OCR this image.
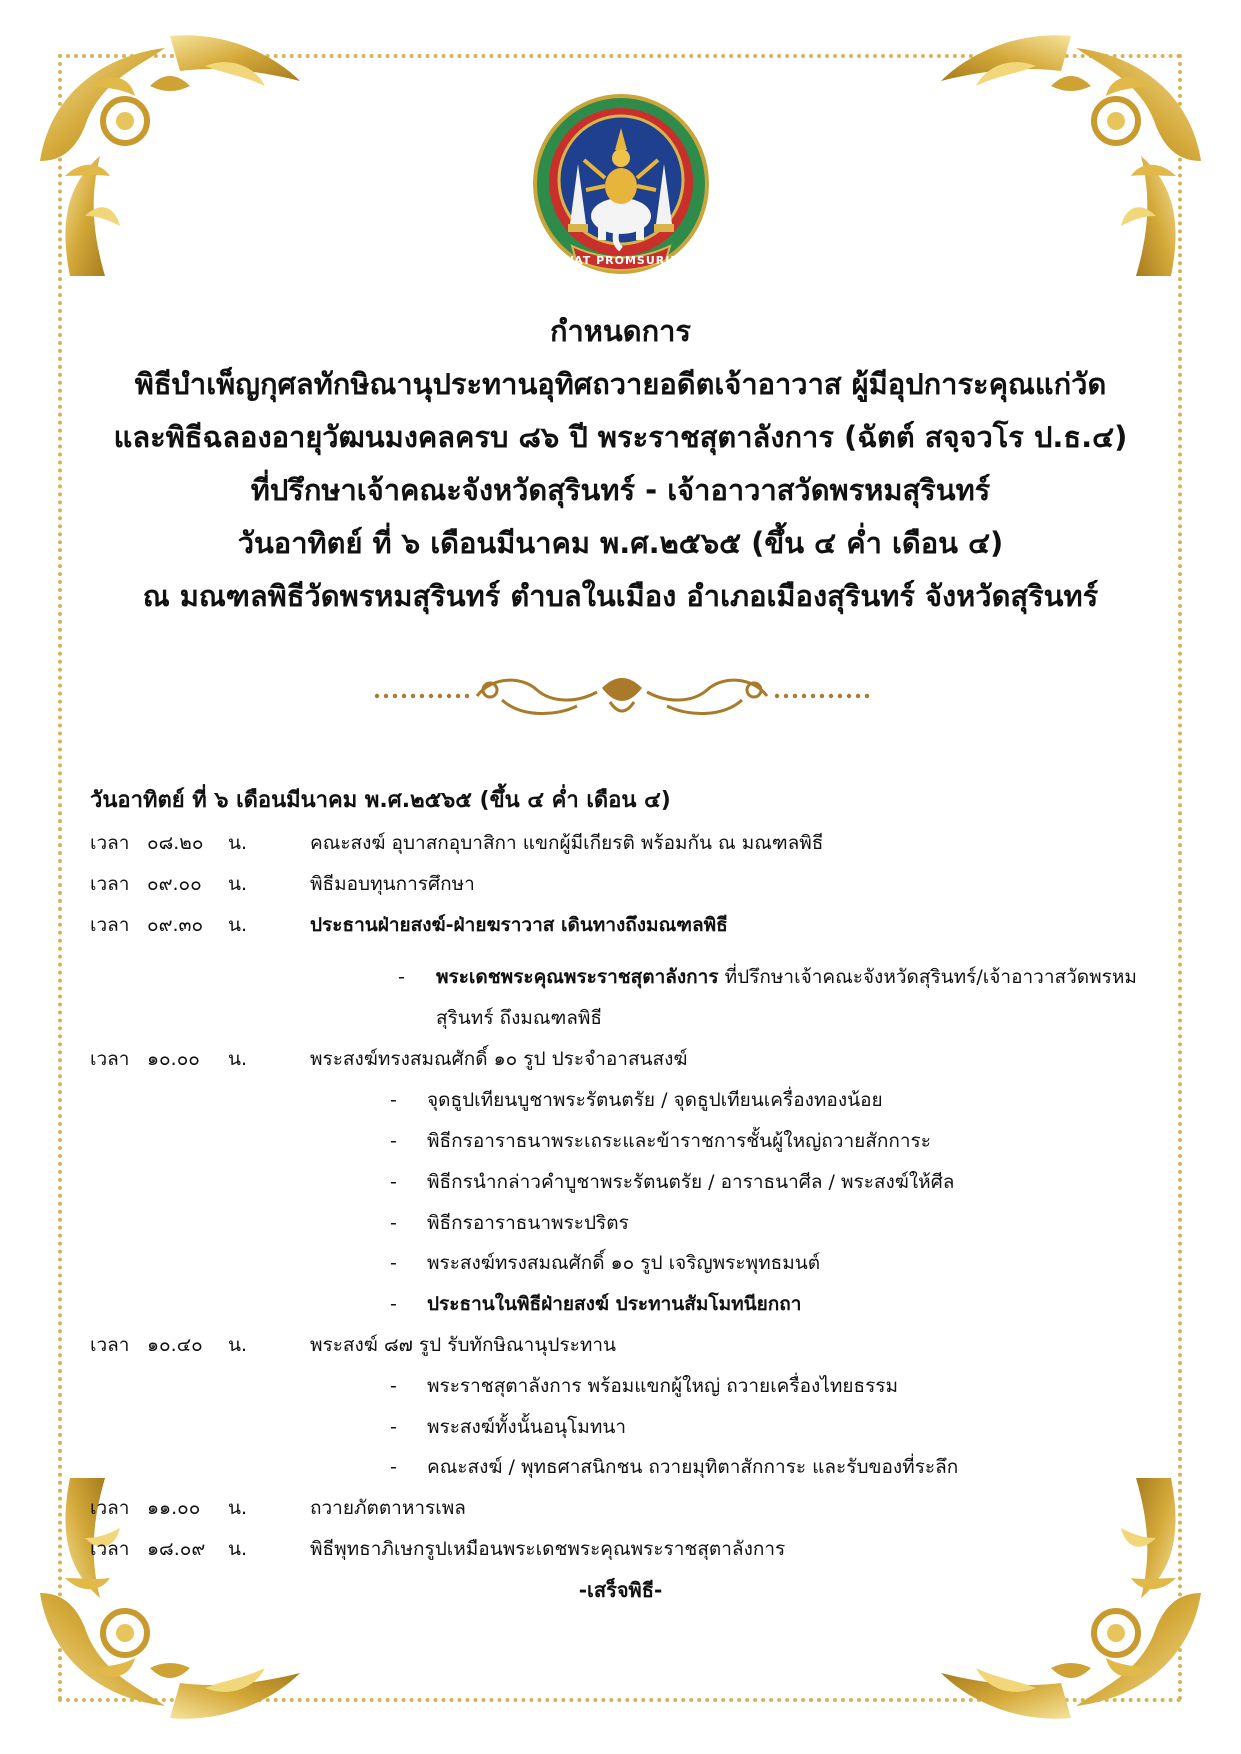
WAT PROMSURIN
กำหนดการ
พิธีบำเพ็ญกุศลทักษิณานุประทานอุทิศถวายอดีตเจ้าอาวาส ผู้มีอุปการะคุณแก่วัด
และพิธีฉลองอายุวัฒนมงคลครบ ๘๖ ปี พระราชสุตาลังการ (ฉัตต์ สจฺจวโร ป.ธ.๔)
ที่ปรึกษาเจ้าคณะจังหวัดสุรินทร์ - เจ้าอาวาสวัดพรหมสุรินทร์
วันอาทิตย์ ที่ ๖ เดือนมีนาคม พ.ศ.๒๕๖๕ (ขึ้น ๔ ค่ำ เดือน ๔)
ณ มณฑลพิธีวัดพรหมสุรินทร์ ตำบลในเมือง อำเภอเมืองสุรินทร์ จังหวัดสุรินทร์
วันอาทิตย์ ที่ ๖ เดือนมีนาคม พ.ศ.๒๕๖๕ (ขึ้น ๔ ค่ำ เดือน ๔)
เวลา ๐๘.๒๐ น.	คณะสงฆ์ อุบาสกอุบาสิกา แขกผู้มีเกียรติ พร้อมกัน ณ มณฑลพิธี
เวลา ๐๙.๐๐ น.	พิธีมอบทุนการศึกษา
เวลา ๐๙.๓๐ น.	ประธานฝ่ายสงฆ์-ฝ่ายฆราวาส เดินทางถึงมณฑลพิธี
- พระเดชพระคุณพระราชสุตาลังการ ที่ปรึกษาเจ้าคณะจังหวัดสุรินทร์/เจ้าอาวาสวัดพรหมสุรินทร์ ถึงมณฑลพิธี
เวลา ๑๐.๐๐ น.	พระสงฆ์ทรงสมณศักดิ์ ๑๐ รูป ประจำอาสนสงฆ์
- จุดธูปเทียนบูชาพระรัตนตรัย / จุดธูปเทียนเครื่องทองน้อย
- พิธีกรอาราธนาพระเถระและข้าราชการชั้นผู้ใหญ่ถวายสักการะ
- พิธีกรนำกล่าวคำบูชาพระรัตนตรัย / อาราธนาศีล / พระสงฆ์ให้ศีล
- พิธีกรอาราธนาพระปริตร
- พระสงฆ์ทรงสมณศักดิ์ ๑๐ รูป เจริญพระพุทธมนต์
- ประธานในพิธีฝ่ายสงฆ์ ประทานสัมโมทนียกถา
เวลา ๑๐.๔๐ น.	พระสงฆ์ ๘๗ รูป รับทักษิณานุประทาน
- พระราชสุตาลังการ พร้อมแขกผู้ใหญ่ ถวายเครื่องไทยธรรม
- พระสงฆ์ทั้งนั้นอนุโมทนา
- คณะสงฆ์ / พุทธศาสนิกชน ถวายมุทิตาสักการะ และรับของที่ระลึก
เวลา ๑๑.๐๐ น.	ถวายภัตตาหารเพล
เวลา ๑๘.๐๙ น.	พิธีพุทธาภิเษกรูปเหมือนพระเดชพระคุณพระราชสุตาลังการ
-เสร็จพิธี-
